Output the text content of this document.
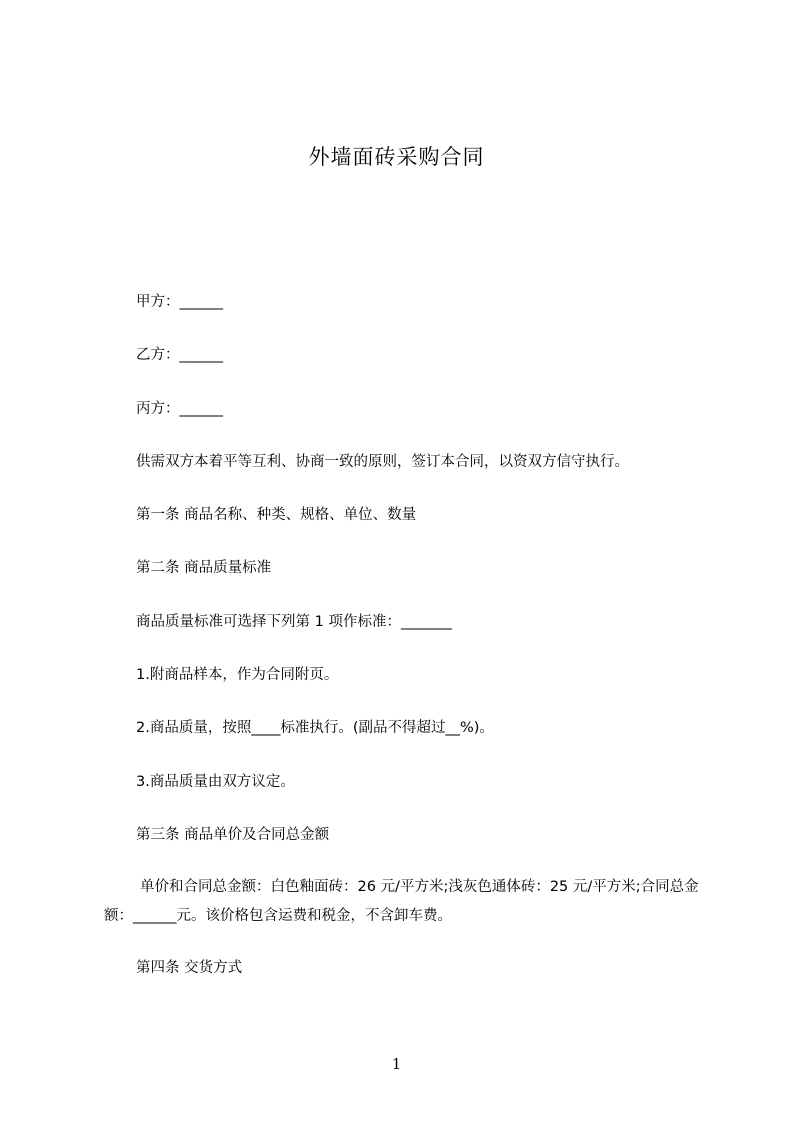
外墙面砖采购合同
甲方：______
乙方：______
丙方：______
供需双方本着平等互利、协商一致的原则，签订本合同，以资双方信守执行。
第一条 商品名称、种类、规格、单位、数量
第二条 商品质量标准
商品质量标准可选择下列第 1 项作标准：_______
1.附商品样本，作为合同附页。
2.商品质量，按照____标准执行。(副品不得超过__%)。
3.商品质量由双方议定。
第三条 商品单价及合同总金额
单价和合同总金额：白色釉面砖：26 元/平方米;浅灰色通体砖：25 元/平方米;合同总金额：______元。该价格包含运费和税金，不含卸车费。
第四条 交货方式
1
